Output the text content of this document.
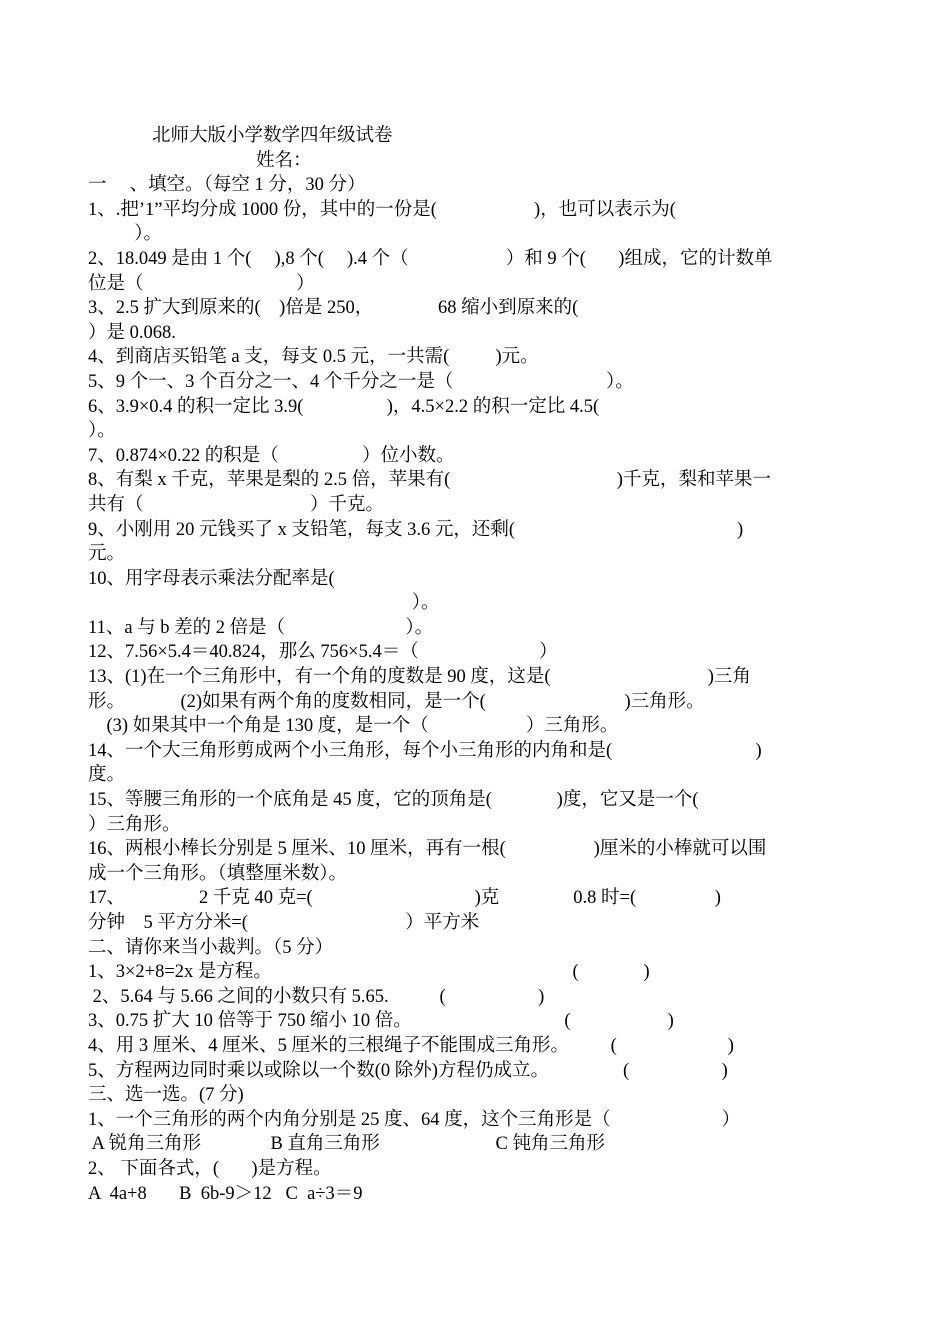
北师大版小学数学四年级试卷
姓名：
一　 、填空。（每空 1 分，30 分）
1、.把’1”平均分成 1000 份，其中的一份是(                     )，也可以表示为(
）。
2、18.049 是由 1 个(     ),8 个(     ).4 个（                     ）和 9 个(       )组成，它的计数单
位是（                                 ）
3、2.5 扩大到原来的(    )倍是 250，              68 缩小到原来的(
）是 0.068.
4、到商店买铅笔 a 支，每支 0.5 元，一共需(          )元。
5、9 个一、3 个百分之一、4 个千分之一是（                                 ）。
6、3.9×0.4 的积一定比 3.9(                  )，4.5×2.2 的积一定比 4.5(
）。
7、0.874×0.22 的积是（                  ）位小数。
8、有梨 x 千克，苹果是梨的 2.5 倍，苹果有(                                    )千克，梨和苹果一
共有（                                    ）千克。
9、小刚用 20 元钱买了 x 支铅笔，每支 3.6 元，还剩(                                                )
元。
10、用字母表示乘法分配率是(
）。
11、a 与 b 差的 2 倍是（                          ）。
12、7.56×5.4＝40.824，那么 756×5.4＝（                          ）
13、(1)在一个三角形中，有一个角的度数是 90 度，这是(                                  )三角
形。            (2)如果有两个角的度数相同，是一个(                              )三角形。
(3) 如果其中一个角是 130 度，是一个（                     ）三角形。
14、一个大三角形剪成两个小三角形，每个小三角形的内角和是(                               )
度。
15、等腰三角形的一个底角是 45 度，它的顶角是(              )度，它又是一个(
）三角形。
16、两根小棒长分别是 5 厘米、10 厘米，再有一根(                   )厘米的小棒就可以围
成一个三角形。（填整厘米数）。
17、                2 千克 40 克=(                                   )克                0.8 时=(                 )
分钟    5 平方分米=(                                  ）平方米
二、请你来当小裁判。（5 分）
1、3×2+8=2x 是方程。                                                                 (              )
2、5.64 与 5.66 之间的小数只有 5.65.           (                    )
3、0.75 扩大 10 倍等于 750 缩小 10 倍。                                 (                     )
4、用 3 厘米、4 厘米、5 厘米的三根绳子不能围成三角形。         (                        )
5、方程两边同时乘以或除以一个数(0 除外)方程仍成立。                (                    )
三、选一选。(7 分)
1、一个三角形的两个内角分别是 25 度、64 度，这个三角形是（                        ）
A 锐角三角形               B 直角三角形                         C 钝角三角形
2、 下面各式，(       )是方程。
A  4a+8       B  6b-9＞12   C  a÷3＝9
